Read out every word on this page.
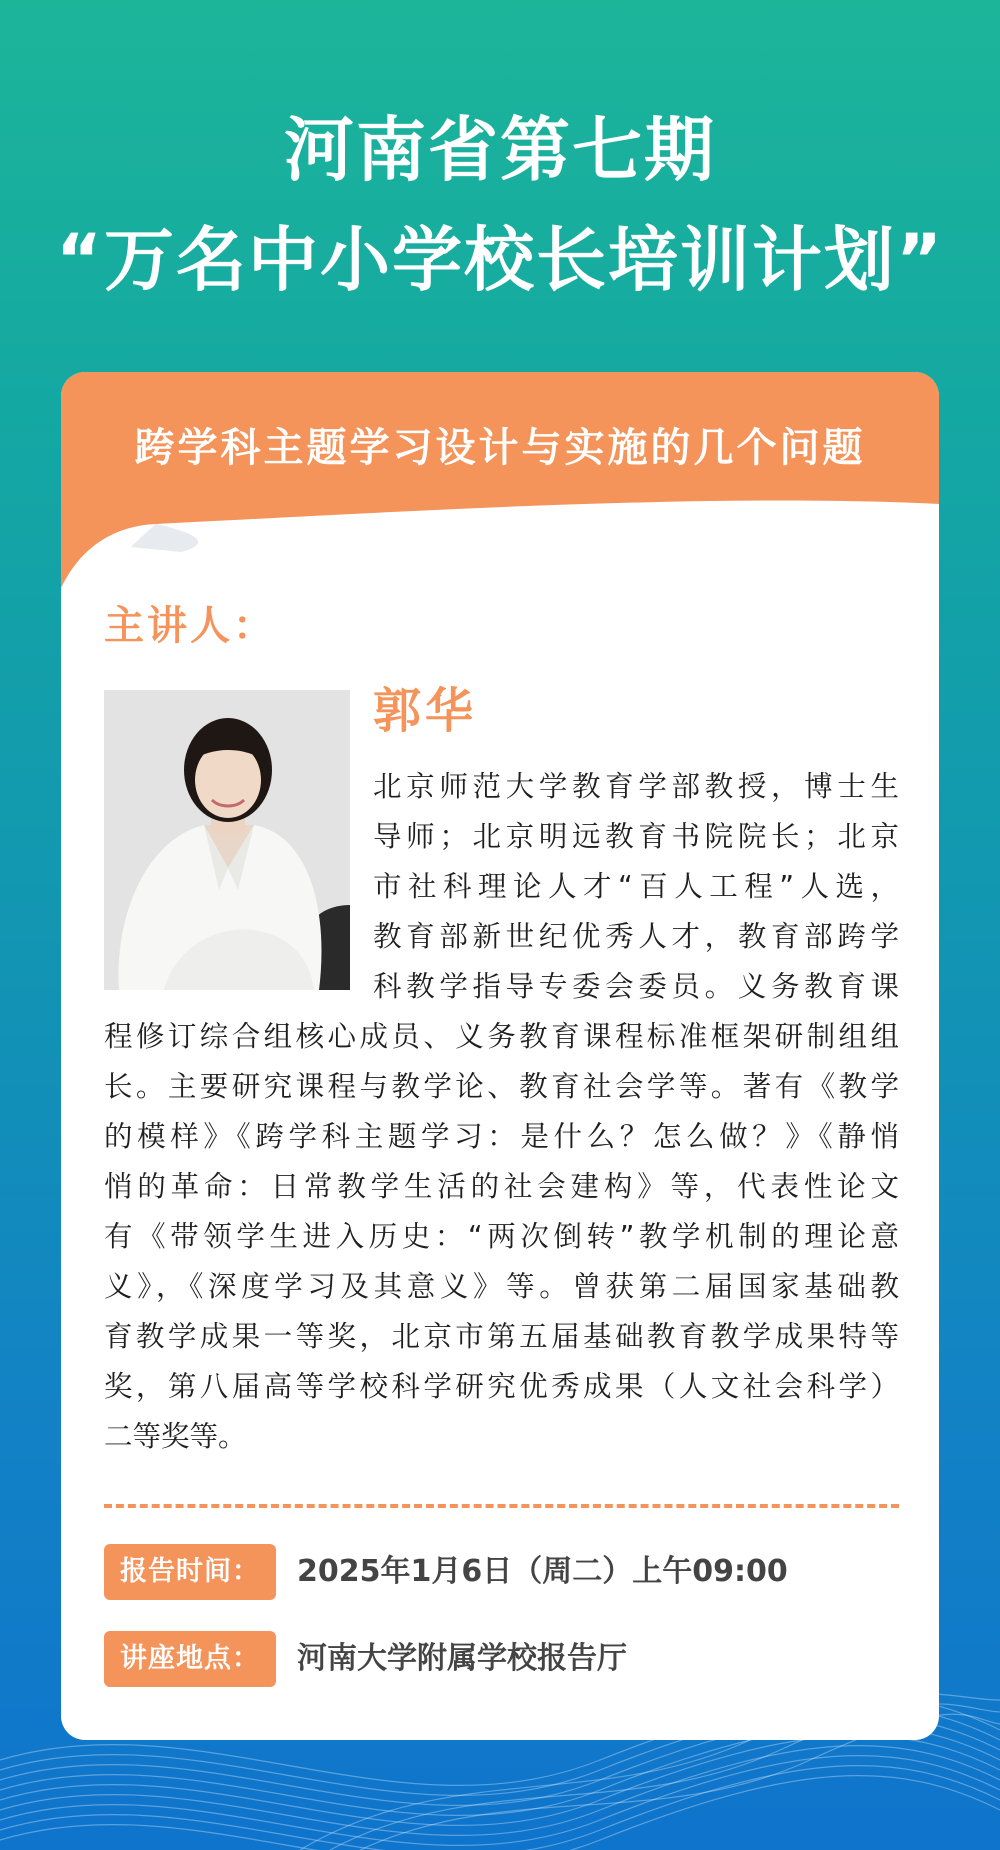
河南省第七期
“万名中小学校长培训计划”
跨学科主题学习设计与实施的几个问题
主讲人：
郭华
北京师范大学教育学部教授，博士生
导师；北京明远教育书院院长；北京
市社科理论人才“百人工程”人选，
教育部新世纪优秀人才，教育部跨学
科教学指导专委会委员。义务教育课
程修订综合组核心成员、义务教育课程标准框架研制组组
长。主要研究课程与教学论、教育社会学等。著有《教学
的模样》《跨学科主题学习：是什么？怎么做？》《静悄
悄的革命：日常教学生活的社会建构》等，代表性论文
有《带领学生进入历史：“两次倒转”教学机制的理论意
义》，《深度学习及其意义》等。曾获第二届国家基础教
育教学成果一等奖，北京市第五届基础教育教学成果特等
奖，第八届高等学校科学研究优秀成果（人文社会科学）
二等奖等。
报告时间：	2025年1月6日（周二）上午09:00
讲座地点：	河南大学附属学校报告厅
